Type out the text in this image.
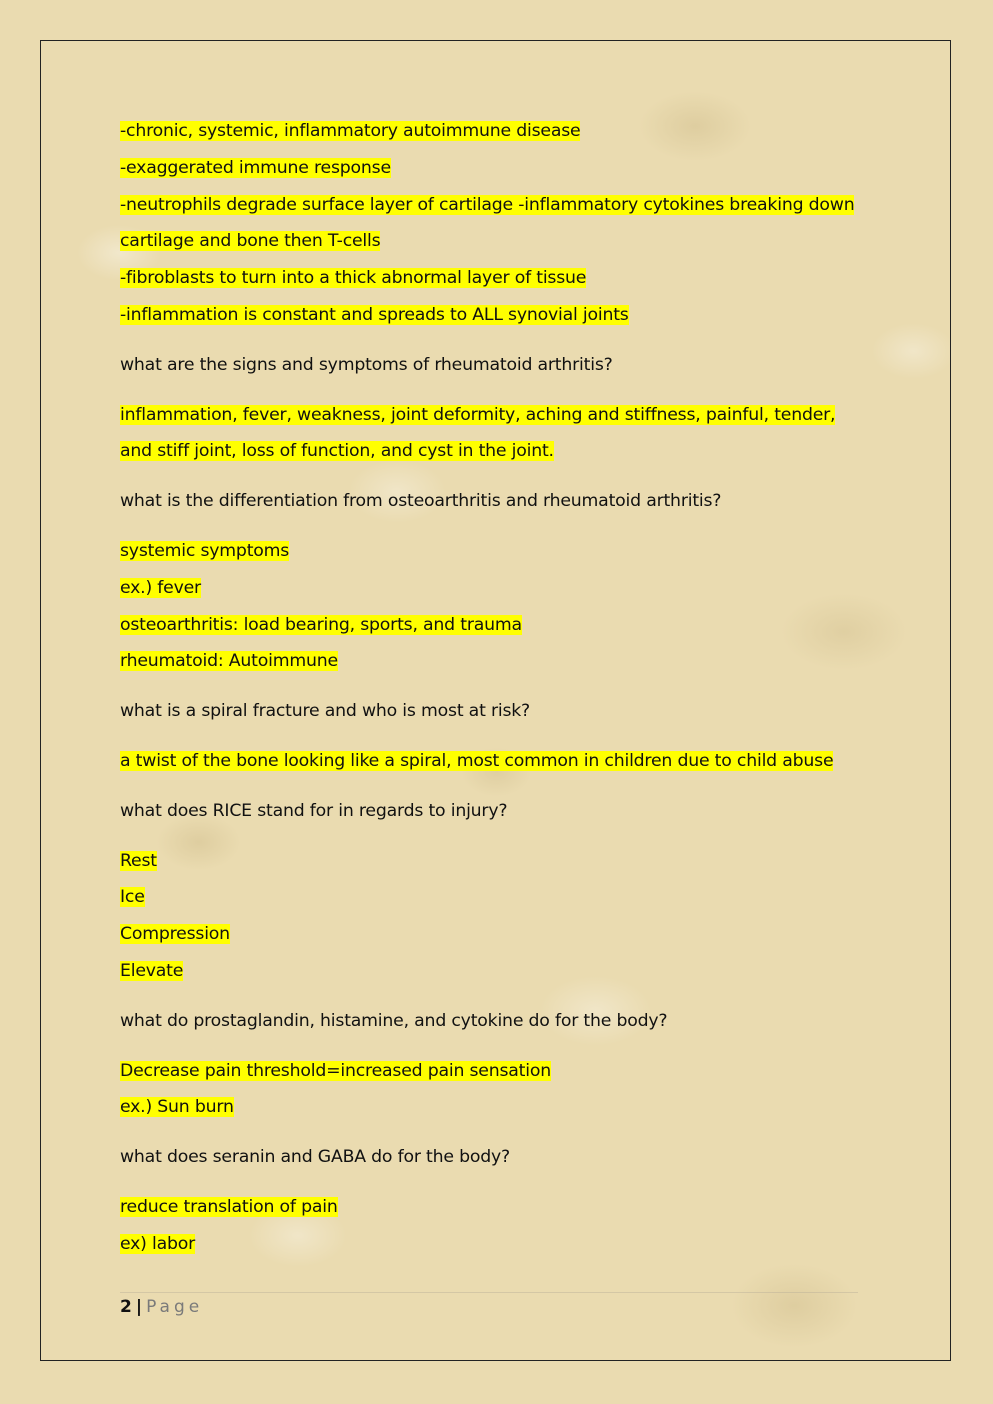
-chronic, systemic, inflammatory autoimmune disease
-exaggerated immune response
-neutrophils degrade surface layer of cartilage -inflammatory cytokines breaking down
cartilage and bone then T-cells
-fibroblasts to turn into a thick abnormal layer of tissue
-inflammation is constant and spreads to ALL synovial joints
what are the signs and symptoms of rheumatoid arthritis?
inflammation, fever, weakness, joint deformity, aching and stiffness, painful, tender,
and stiff joint, loss of function, and cyst in the joint.
what is the differentiation from osteoarthritis and rheumatoid arthritis?
systemic symptoms
ex.) fever
osteoarthritis: load bearing, sports, and trauma
rheumatoid: Autoimmune
what is a spiral fracture and who is most at risk?
a twist of the bone looking like a spiral, most common in children due to child abuse
what does RICE stand for in regards to injury?
Rest
Ice
Compression
Elevate
what do prostaglandin, histamine, and cytokine do for the body?
Decrease pain threshold=increased pain sensation
ex.) Sun burn
what does seranin and GABA do for the body?
reduce translation of pain
ex) labor
2 | Page
